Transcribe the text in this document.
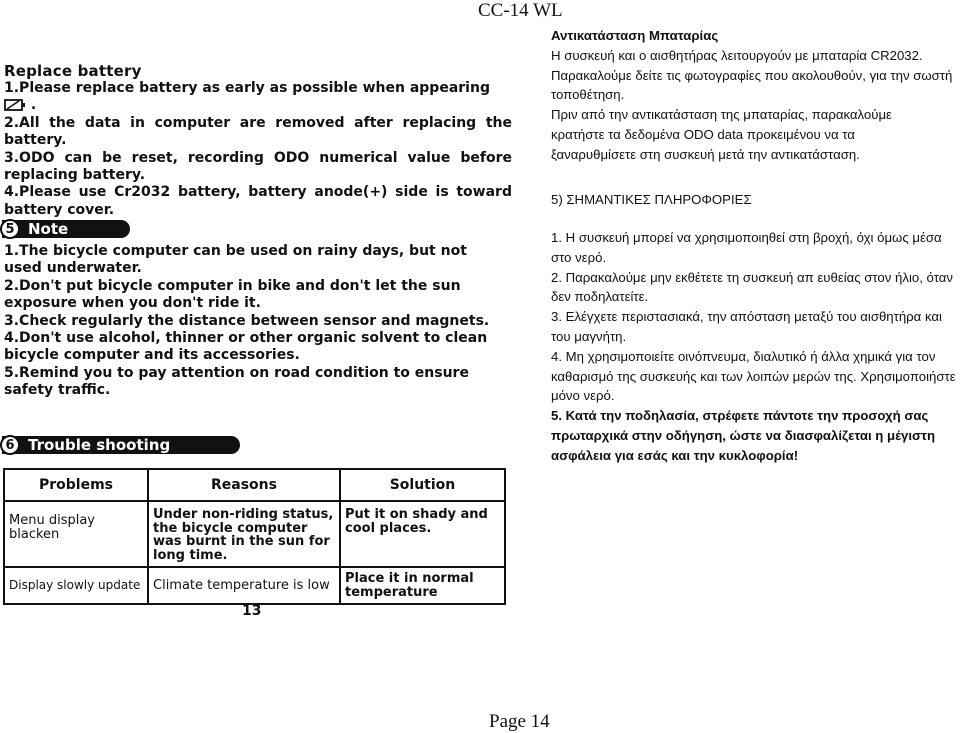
CC-14 WL
Page 14
Replace battery

1.Please replace battery as early as possible when appearing  .

2.All the data in computer are removed after replacing the battery.

3.ODO can be reset, recording ODO numerical value before replacing battery.

4.Please use Cr2032 battery, battery anode(+) side is toward battery cover.

5 Note

1.The bicycle computer can be used on rainy days, but not used underwater.

2.Don't put bicycle computer in bike and don't let the sun exposure when you don't ride it.

3.Check regularly the distance between sensor and magnets.

4.Don't use alcohol, thinner or other organic solvent to clean bicycle computer and its accessories.

5.Remind you to pay attention on road condition to ensure safety traffic.

6 Trouble shooting
Problems	Reasons	Solution
Menu display blacken	Under non-riding status, the bicycle computer was burnt in the sun for long time.	Put it on shady and cool places.
Display slowly update	Climate temperature is low	Place it in normal temperature
13

Αντικατάσταση Μπαταρίας

Η συσκευή και ο αισθητήρας λειτουργούν με μπαταρία CR2032.

Παρακαλούμε δείτε τις φωτογραφίες που ακολουθούν, για την σωστή τοποθέτηση.

Πριν από την αντικατάσταση της μπαταρίας, παρακαλούμε κρατήστε τα δεδομένα ODO data προκειμένου να τα ξαναρυθμίσετε στη συσκευή μετά την αντικατάσταση.

5) ΣΗΜΑΝΤΙΚΕΣ ΠΛΗΡΟΦΟΡΙΕΣ

1. Η συσκευή μπορεί να χρησιμοποιηθεί στη βροχή, όχι όμως μέσα στο νερό.

2. Παρακαλούμε μην εκθέτετε τη συσκευή απ ευθείας στον ήλιο, όταν δεν ποδηλατείτε.

3. Ελέγχετε περιστασιακά, την απόσταση μεταξύ του αισθητήρα και του μαγνήτη.

4. Μη χρησιμοποιείτε οινόπνευμα, διαλυτικό ή άλλα χημικά για τον καθαρισμό της συσκευής και των λοιπών μερών της. Χρησιμοποιήστε μόνο νερό.

5. Κατά την ποδηλασία, στρέφετε πάντοτε την προσοχή σας πρωταρχικά στην οδήγηση, ώστε να διασφαλίζεται η μέγιστη ασφάλεια για εσάς και την κυκλοφορία!
